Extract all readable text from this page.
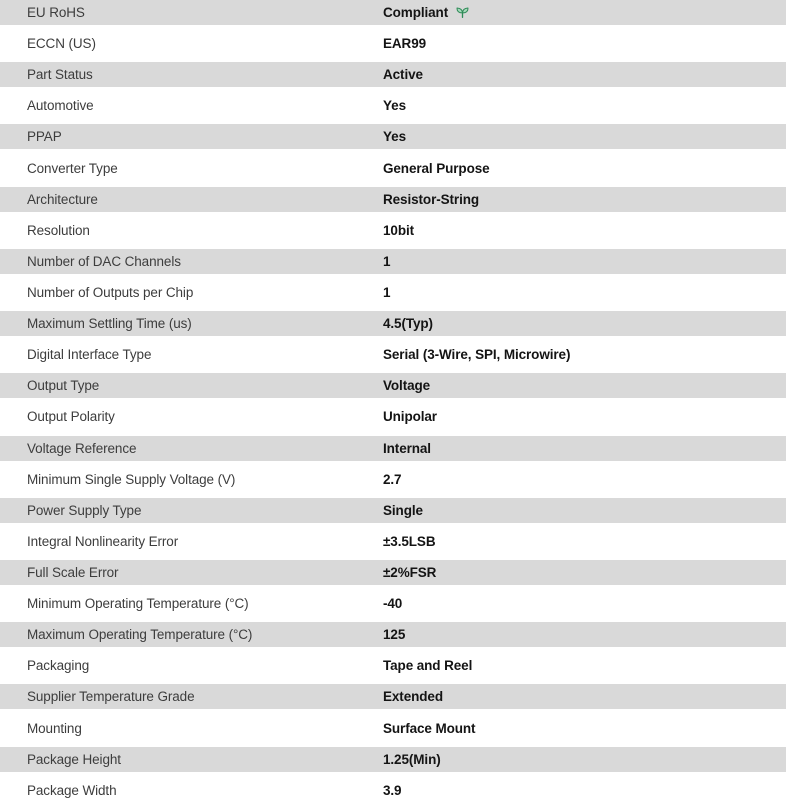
EU RoHS	Compliant
ECCN (US)	EAR99
Part Status	Active
Automotive	Yes
PPAP	Yes
Converter Type	General Purpose
Architecture	Resistor-String
Resolution	10bit
Number of DAC Channels	1
Number of Outputs per Chip	1
Maximum Settling Time (us)	4.5(Typ)
Digital Interface Type	Serial (3-Wire, SPI, Microwire)
Output Type	Voltage
Output Polarity	Unipolar
Voltage Reference	Internal
Minimum Single Supply Voltage (V)	2.7
Power Supply Type	Single
Integral Nonlinearity Error	±3.5LSB
Full Scale Error	±2%FSR
Minimum Operating Temperature (°C)	-40
Maximum Operating Temperature (°C)	125
Packaging	Tape and Reel
Supplier Temperature Grade	Extended
Mounting	Surface Mount
Package Height	1.25(Min)
Package Width	3.9
